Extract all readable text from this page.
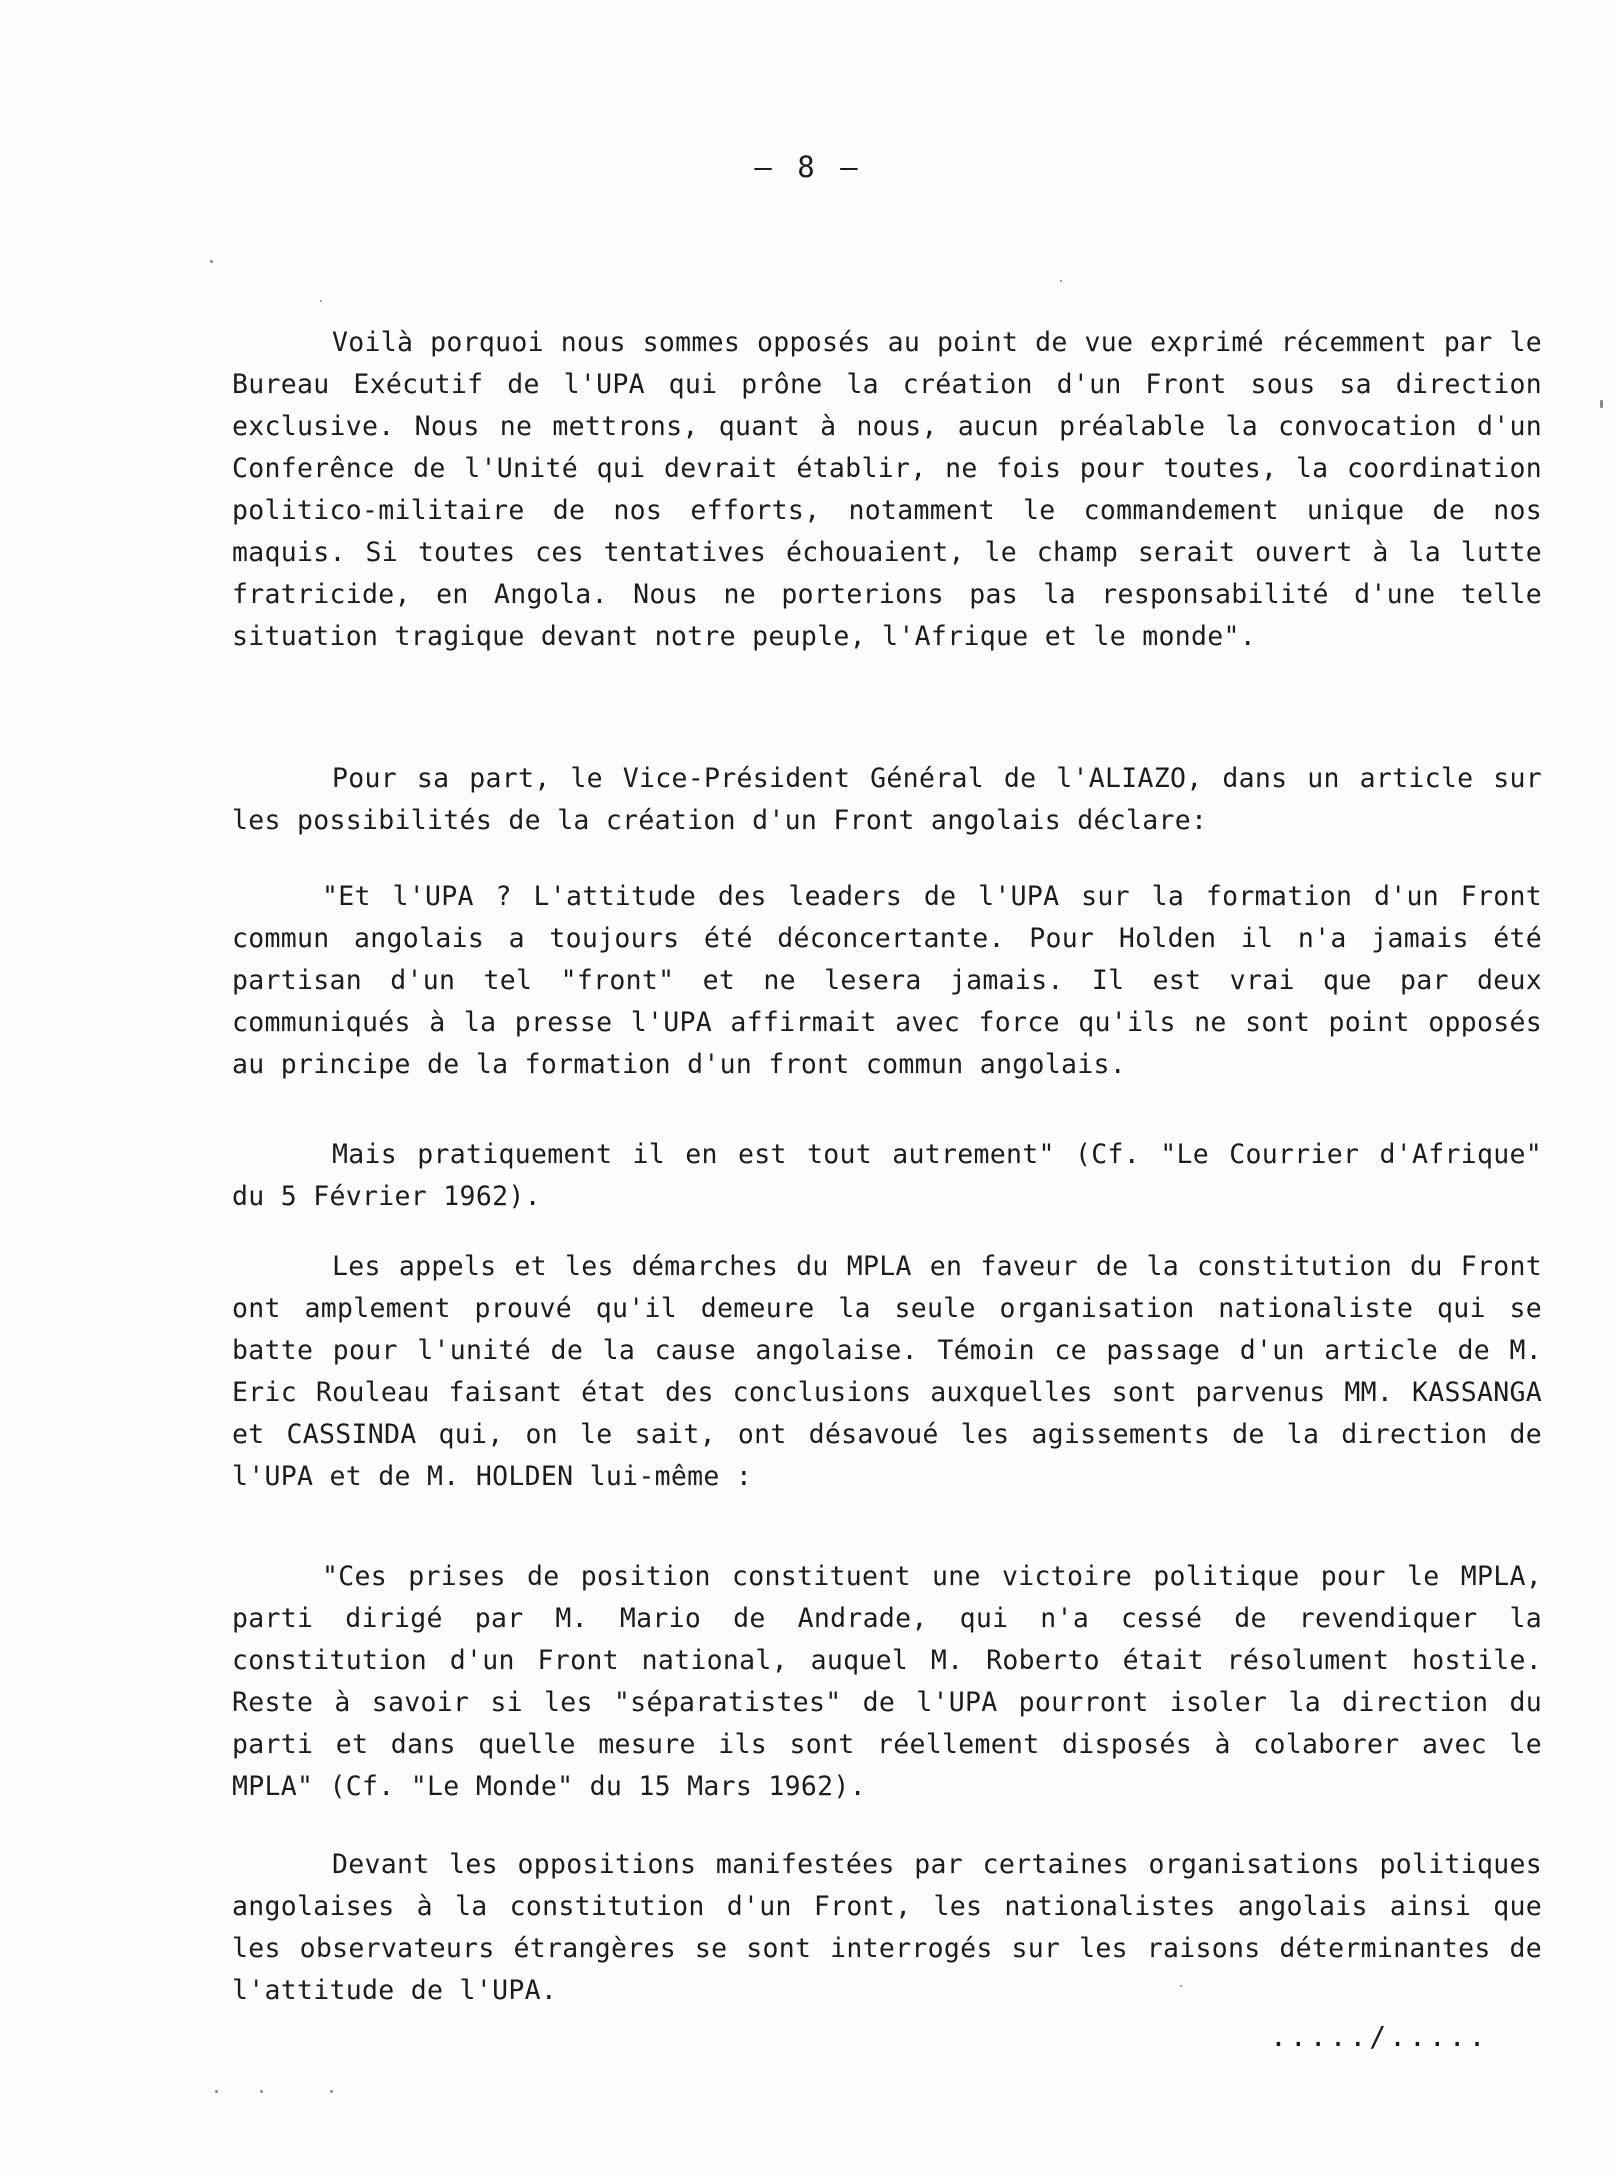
– 8 –

Voilà porquoi nous sommes opposés au point de vue exprimé récemment par le Bureau Exécutif de l'UPA qui prône la création d'un Front sous sa direction exclusive. Nous ne mettrons, quant à nous, aucun préalable la convocation d'un Conferênce de l'Unité qui devrait établir, ne fois pour toutes, la coordination politico-militaire de nos efforts, notamment le commandement unique de nos maquis. Si toutes ces tentatives échouaient, le champ serait ouvert à la lutte fratricide, en Angola. Nous ne porterions pas la responsabilité d'une telle situation tragique devant notre peuple, l'Afrique et le monde".

Pour sa part, le Vice-Président Général de l'ALIAZO, dans un article sur les possibilités de la création d'un Front angolais déclare:

"Et l'UPA ? L'attitude des leaders de l'UPA sur la formation d'un Front commun angolais a toujours été déconcertante. Pour Holden il n'a jamais été partisan d'un tel "front" et ne lesera jamais. Il est vrai que par deux communiqués à la presse l'UPA affirmait avec force qu'ils ne sont point opposés au principe de la formation d'un front commun angolais.

Mais pratiquement il en est tout autrement" (Cf. "Le Courrier d'Afrique" du 5 Février 1962).

Les appels et les démarches du MPLA en faveur de la constitution du Front ont amplement prouvé qu'il demeure la seule organisation nationaliste qui se batte pour l'unité de la cause angolaise. Témoin ce passage d'un article de M. Eric Rouleau faisant état des conclusions auxquelles sont parvenus MM. KASSANGA et CASSINDA qui, on le sait, ont désavoué les agissements de la direction de l'UPA et de M. HOLDEN lui-même :

"Ces prises de position constituent une victoire politique pour le MPLA, parti dirigé par M. Mario de Andrade, qui n'a cessé de revendiquer la constitution d'un Front national, auquel M. Roberto était résolument hostile. Reste à savoir si les "séparatistes" de l'UPA pourront isoler la direction du parti et dans quelle mesure ils sont réellement disposés à colaborer avec le MPLA" (Cf. "Le Monde" du 15 Mars 1962).

Devant les oppositions manifestées par certaines organisations politiques angolaises à la constitution d'un Front, les nationalistes angolais ainsi que les observateurs étrangères se sont interrogés sur les raisons déterminantes de l'attitude de l'UPA.

...../.....
